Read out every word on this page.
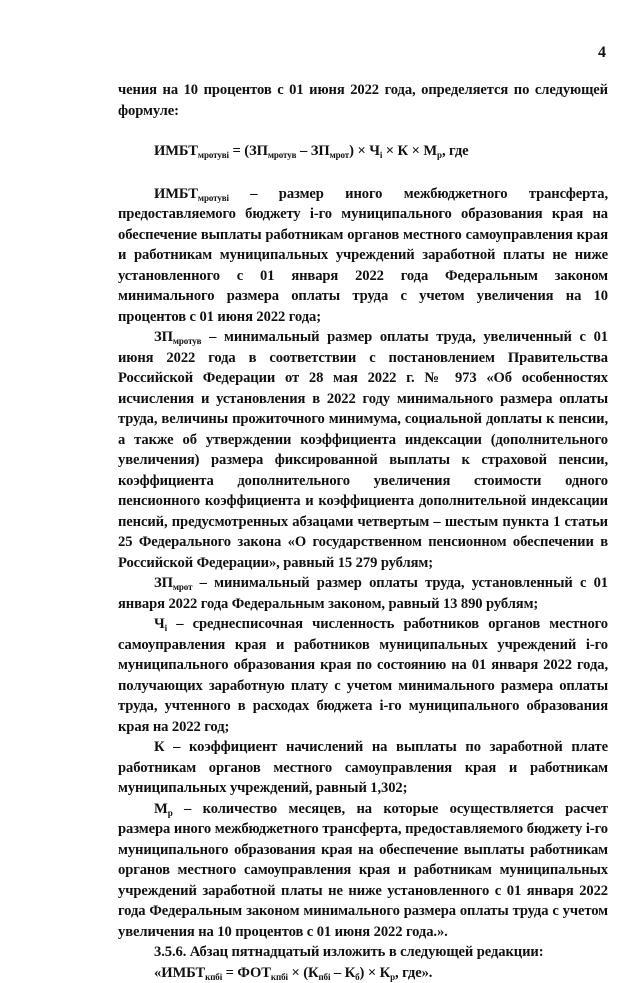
4

чения на 10 процентов с 01 июня 2022 года, определяется по следующей формуле:

$ИМБТ_{мротувi} = (ЗП_{мротув} - ЗП_{мрот}) \times Ч_i \times К \times М_р$, где

$ИМБТ_{мротувi}$ – размер иного межбюджетного трансферта, предоставляемого бюджету i-го муниципального образования края на обеспечение выплаты работникам органов местного самоуправления края и работникам муниципальных учреждений заработной платы не ниже установленного с 01 января 2022 года Федеральным законом минимального размера оплаты труда с учетом увеличения на 10 процентов с 01 июня 2022 года;

$ЗП_{мротув}$ – минимальный размер оплаты труда, увеличенный с 01 июня 2022 года в соответствии с постановлением Правительства Российской Федерации от 28 мая 2022 г. № 973 «Об особенностях исчисления и установления в 2022 году минимального размера оплаты труда, величины прожиточного минимума, социальной доплаты к пенсии, а также об утверждении коэффициента индексации (дополнительного увеличения) размера фиксированной выплаты к страховой пенсии, коэффициента дополнительного увеличения стоимости одного пенсионного коэффициента и коэффициента дополнительной индексации пенсий, предусмотренных абзацами четвертым – шестым пункта 1 статьи 25 Федерального закона «О государственном пенсионном обеспечении в Российской Федерации», равный 15 279 рублям;

$ЗП_{мрот}$ – минимальный размер оплаты труда, установленный с 01 января 2022 года Федеральным законом, равный 13 890 рублям;

$Ч_i$ – среднесписочная численность работников органов местного самоуправления края и работников муниципальных учреждений i-го муниципального образования края по состоянию на 01 января 2022 года, получающих заработную плату с учетом минимального размера оплаты труда, учтенного в расходах бюджета i-го муниципального образования края на 2022 год;

К – коэффициент начислений на выплаты по заработной плате работникам органов местного самоуправления края и работникам муниципальных учреждений, равный 1,302;

$М_р$ – количество месяцев, на которые осуществляется расчет размера иного межбюджетного трансферта, предоставляемого бюджету i-го муниципального образования края на обеспечение выплаты работникам органов местного самоуправления края и работникам муниципальных учреждений заработной платы не ниже установленного с 01 января 2022 года Федеральным законом минимального размера оплаты труда с учетом увеличения на 10 процентов с 01 июня 2022 года.».

3.5.6. Абзац пятнадцатый изложить в следующей редакции:

«$ИМБТ_{кпбi} = ФОТ_{кпбi} \times (К_{пбi} - К_б) \times К_р$, где».
